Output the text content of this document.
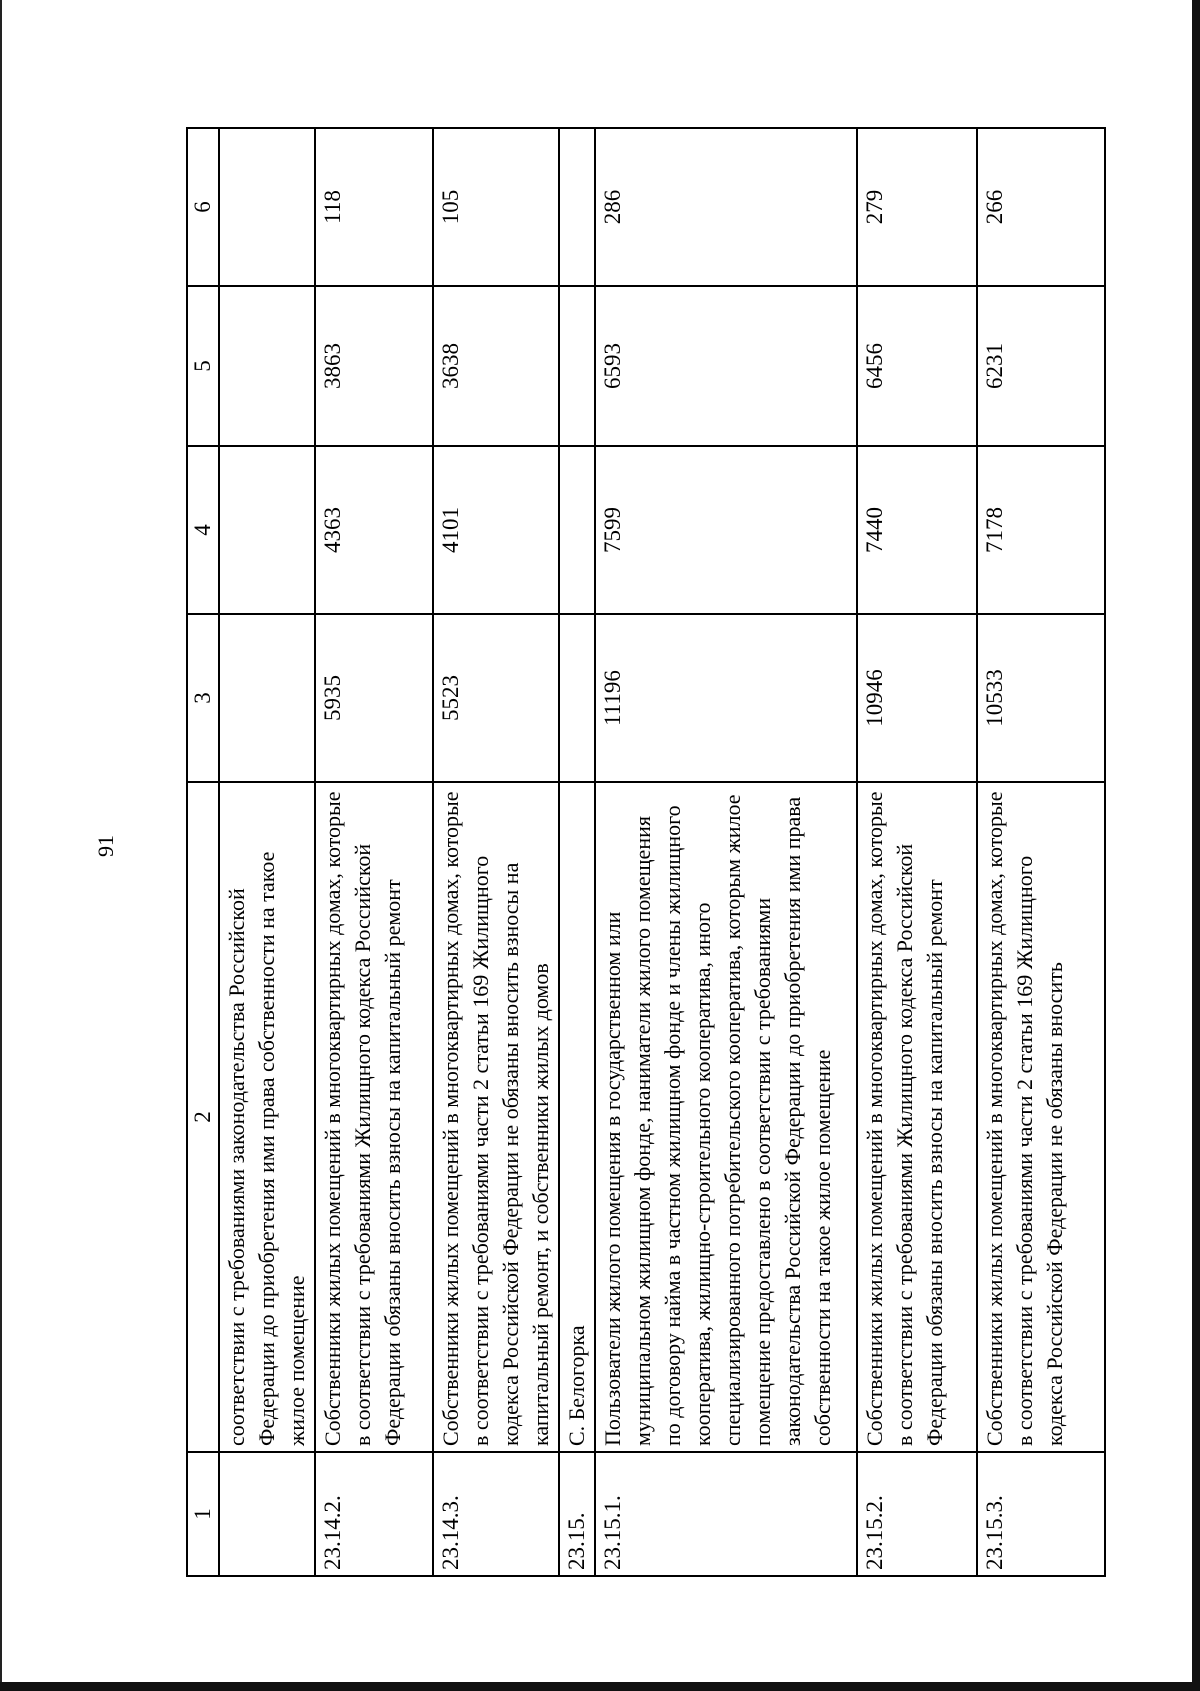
91
1	2	3	4	5	6
	соответствии с требованиями законодательства Российской Федерации до приобретения ими права собственности на такое жилое помещение				
23.14.2.	Собственники жилых помещений в многоквартирных домах, которые в соответствии с требованиями Жилищного кодекса Российской Федерации обязаны вносить взносы на капитальный ремонт	5935	4363	3863	118
23.14.3.	Собственники жилых помещений в многоквартирных домах, которые в соответствии с требованиями части 2 статьи 169 Жилищного кодекса Российской Федерации не обязаны вносить взносы на капитальный ремонт, и собственники жилых домов	5523	4101	3638	105
23.15.	С. Белогорка				
23.15.1.	Пользователи жилого помещения в государственном или муниципальном жилищном фонде, наниматели жилого помещения по договору найма в частном жилищном фонде и члены жилищного кооператива, жилищно-строительного кооператива, иного специализированного потребительского кооператива, которым жилое помещение предоставлено в соответствии с требованиями законодательства Российской Федерации до приобретения ими права собственности на такое жилое помещение	11196	7599	6593	286
23.15.2.	Собственники жилых помещений в многоквартирных домах, которые в соответствии с требованиями Жилищного кодекса Российской Федерации обязаны вносить взносы на капитальный ремонт	10946	7440	6456	279
23.15.3.	Собственники жилых помещений в многоквартирных домах, которые в соответствии с требованиями части 2 статьи 169 Жилищного кодекса Российской Федерации не обязаны вносить	10533	7178	6231	266
